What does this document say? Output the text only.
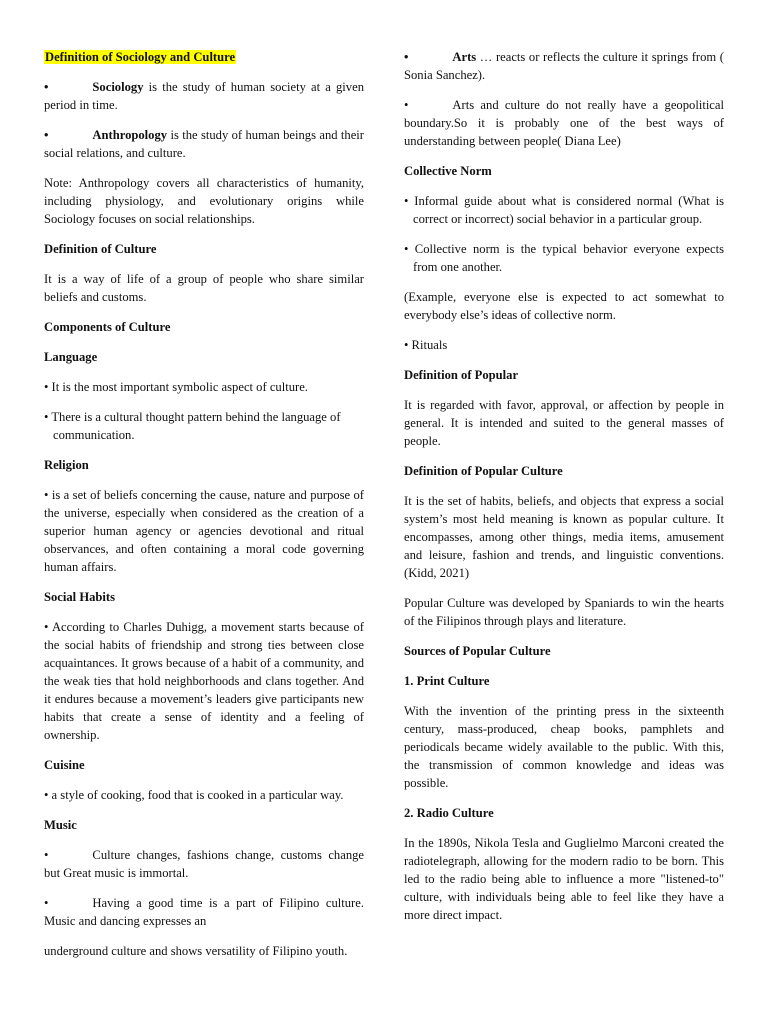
Definition of Sociology and Culture

•	Sociology is the study of human society at a given period in time.

•	Anthropology is the study of human beings and their social relations, and culture.

Note: Anthropology covers all characteristics of humanity, including physiology, and evolutionary origins while Sociology focuses on social relationships.

Definition of Culture

It is a way of life of a group of people who share similar beliefs and customs.

Components of Culture
Language

• It is the most important symbolic aspect of culture.

• There is a cultural thought pattern behind the language of communication.

Religion

• is a set of beliefs concerning the cause, nature and purpose of the universe, especially when considered as the creation of a superior human agency or agencies devotional and ritual observances, and often containing a moral code governing human affairs.

Social Habits

• According to Charles Duhigg, a movement starts because of the social habits of friendship and strong ties between close acquaintances. It grows because of a habit of a community, and the weak ties that hold neighborhoods and clans together. And it endures because a movement’s leaders give participants new habits that create a sense of identity and a feeling of ownership.

Cuisine

• a style of cooking, food that is cooked in a particular way.

Music

•	Culture changes, fashions change, customs change but Great music is immortal.

•	Having a good time is a part of Filipino culture. Music and dancing expresses an

underground culture and shows versatility of Filipino youth.

•	Arts … reacts or reflects the culture it springs from ( Sonia Sanchez).

•	Arts and culture do not really have a geopolitical boundary.So it is probably one of the best ways of understanding between people( Diana Lee)

Collective Norm

• Informal guide about what is considered normal (What is correct or incorrect) social behavior in a particular group.

• Collective norm is the typical behavior everyone expects from one another.

(Example, everyone else is expected to act somewhat to everybody else’s ideas of collective norm.

• Rituals

Definition of Popular

It is regarded with favor, approval, or affection by people in general. It is intended and suited to the general masses of people.

Definition of Popular Culture

It is the set of habits, beliefs, and objects that express a social system’s most held meaning is known as popular culture. It encompasses, among other things, media items, amusement and leisure, fashion and trends, and linguistic conventions. (Kidd, 2021)

Popular Culture was developed by Spaniards to win the hearts of the Filipinos through plays and literature.

Sources of Popular Culture
1. Print Culture

With the invention of the printing press in the sixteenth century, mass-produced, cheap books, pamphlets and periodicals became widely available to the public. With this, the transmission of common knowledge and ideas was possible.

2. Radio Culture

In the 1890s, Nikola Tesla and Guglielmo Marconi created the radiotelegraph, allowing for the modern radio to be born. This led to the radio being able to influence a more "listened-to" culture, with individuals being able to feel like they have a more direct impact.
